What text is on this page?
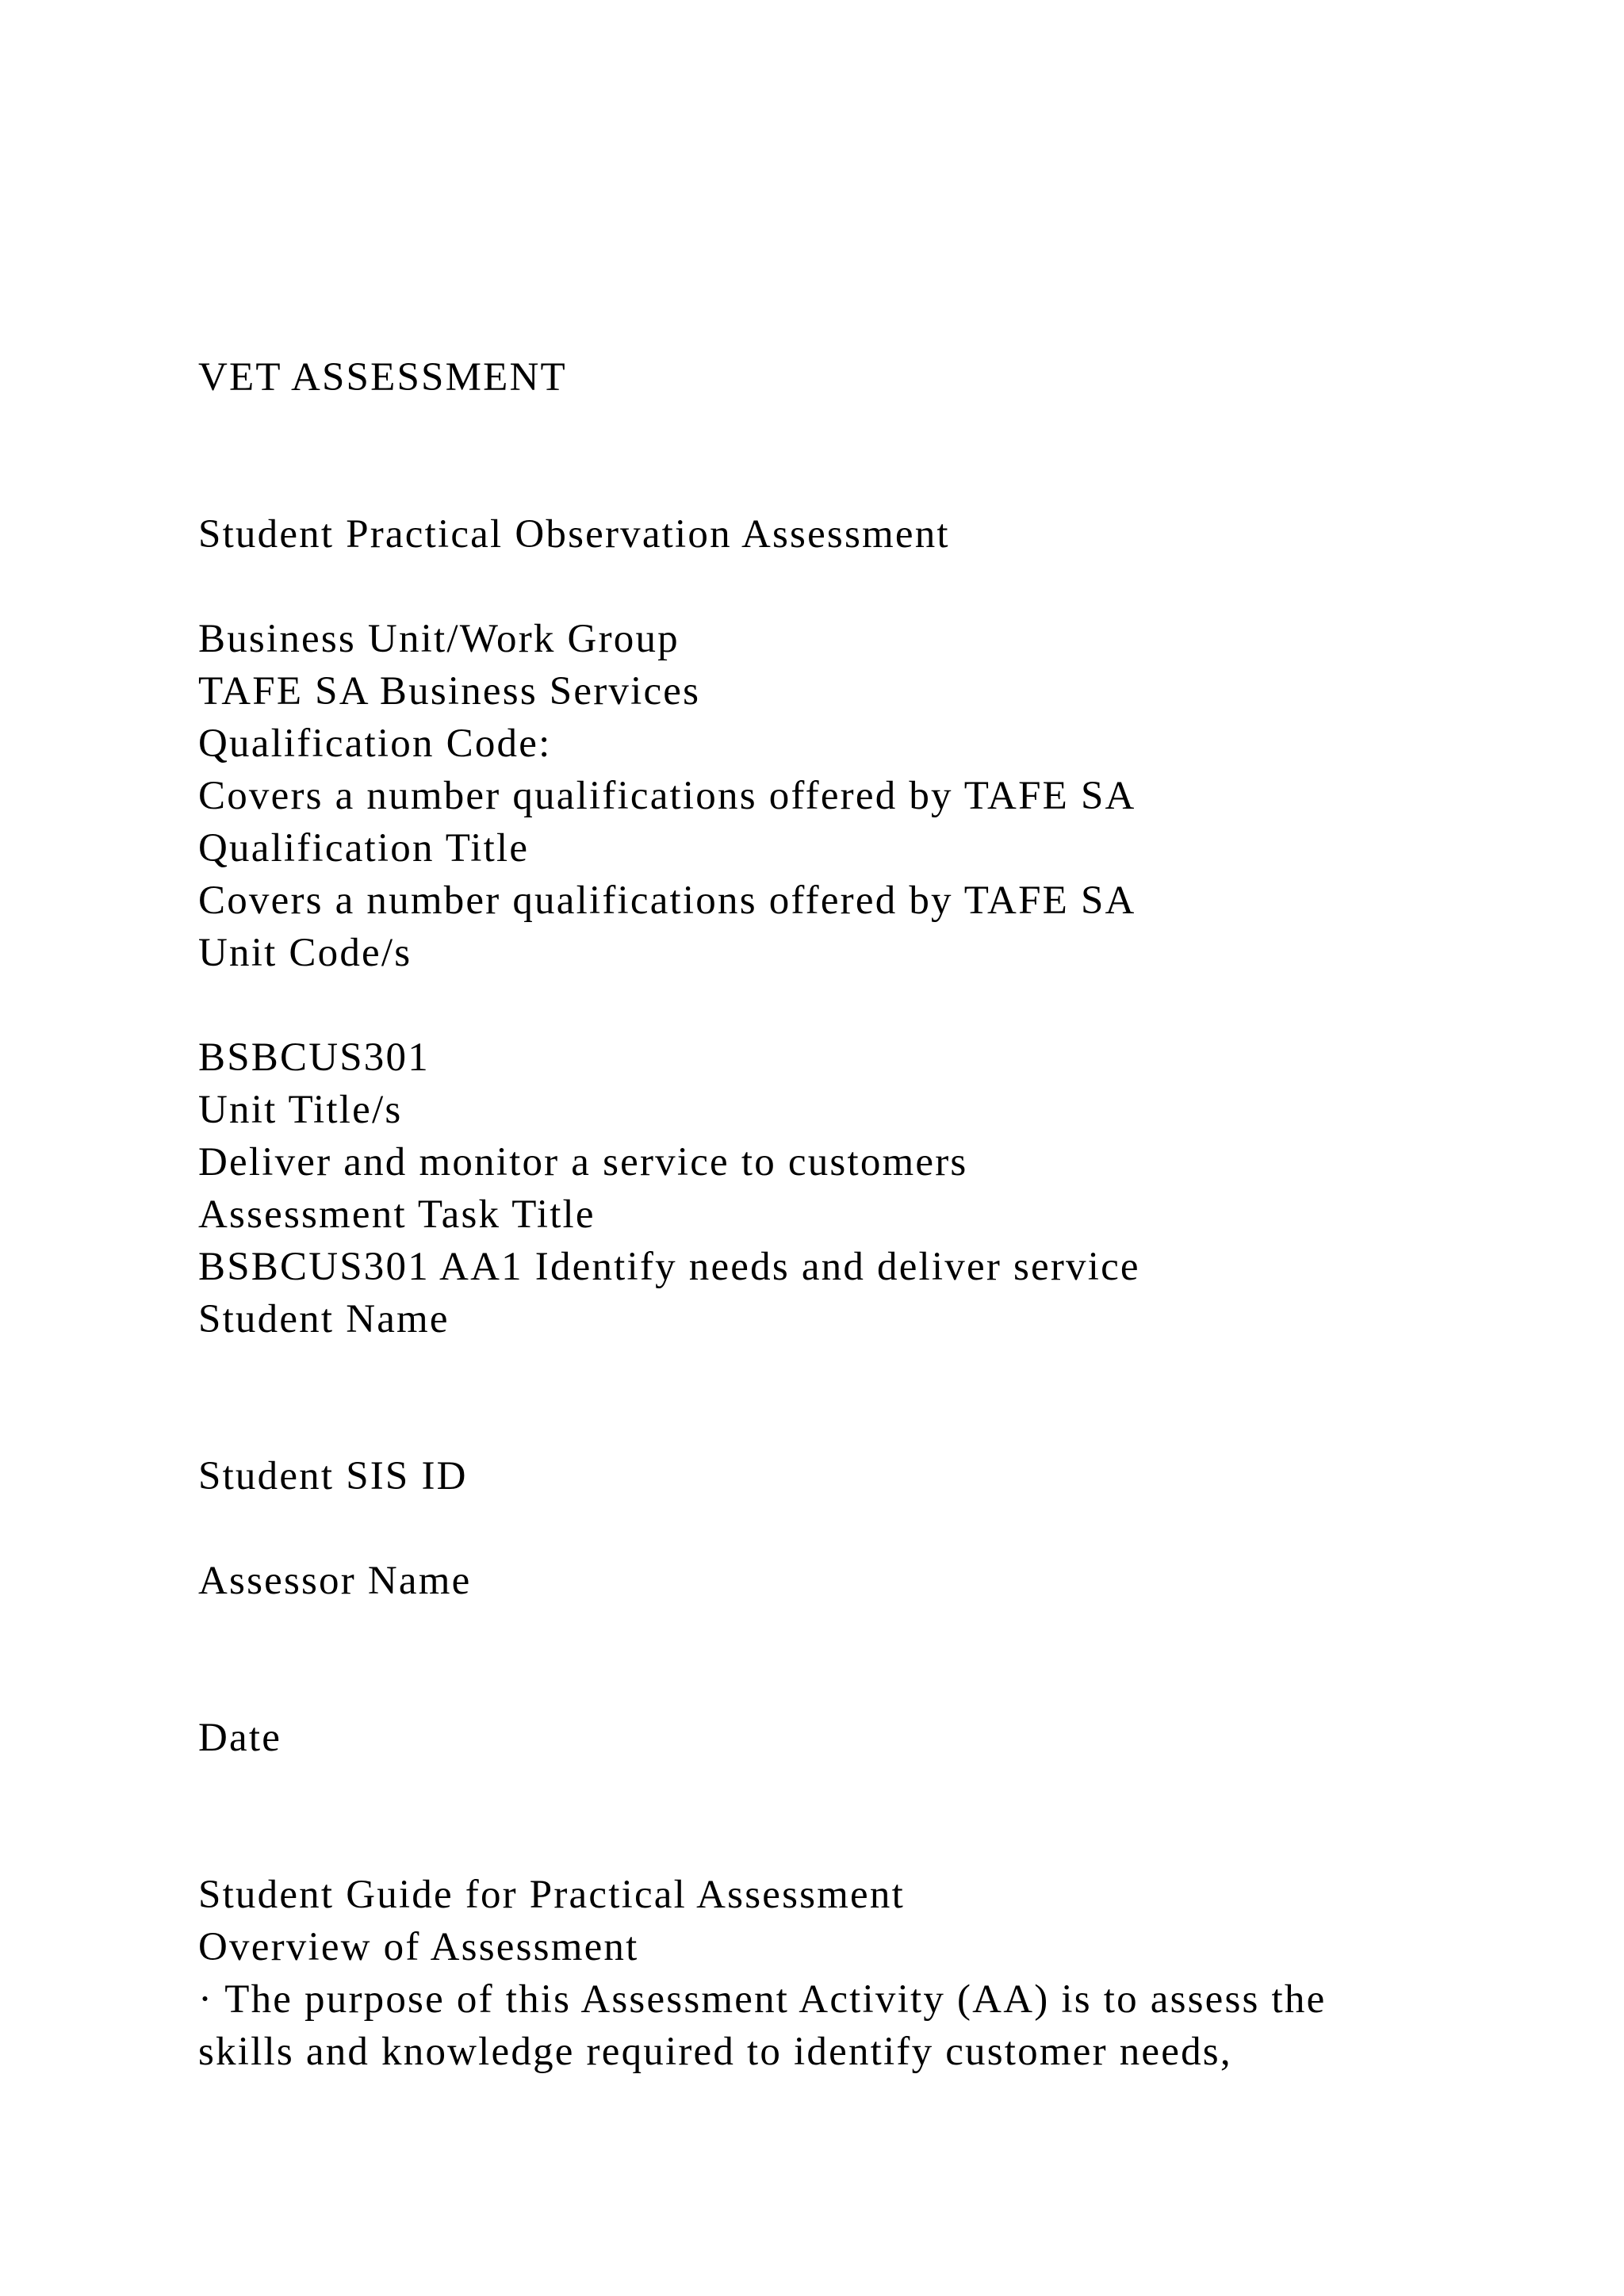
VET ASSESSMENT
Student Practical Observation Assessment
Business Unit/Work Group
TAFE SA Business Services
Qualification Code:
Covers a number qualifications offered by TAFE SA
Qualification Title
Covers a number qualifications offered by TAFE SA
Unit Code/s
BSBCUS301
Unit Title/s
Deliver and monitor a service to customers
Assessment Task Title
BSBCUS301 AA1 Identify needs and deliver service
Student Name
Student SIS ID
Assessor Name
Date
Student Guide for Practical Assessment
Overview of Assessment
· The purpose of this Assessment Activity (AA) is to assess the
skills and knowledge required to identify customer needs,
